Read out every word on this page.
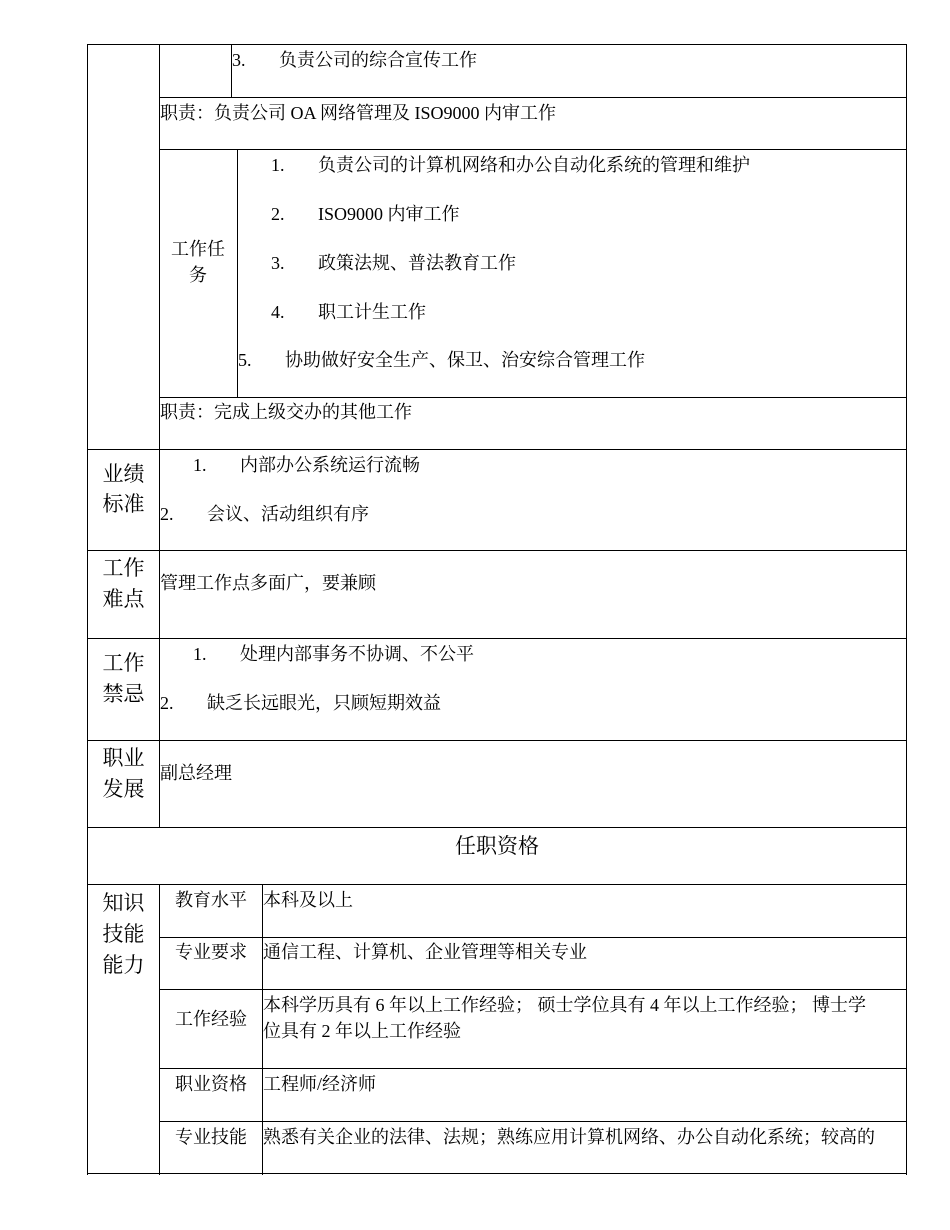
3. 负责公司的综合宣传工作
职责：负责公司 OA 网络管理及 ISO9000 内审工作
工作任
务
1. 负责公司的计算机网络和办公自动化系统的管理和维护
2. ISO9000 内审工作
3. 政策法规、普法教育工作
4. 职工计生工作
5. 协助做好安全生产、保卫、治安综合管理工作
职责：完成上级交办的其他工作
业绩
标准
1. 内部办公系统运行流畅
2. 会议、活动组织有序
工作
难点
管理工作点多面广，要兼顾
工作
禁忌
1. 处理内部事务不协调、不公平
2. 缺乏长远眼光，只顾短期效益
职业
发展
副总经理
任职资格
知识
技能
能力
教育水平 本科及以上
专业要求 通信工程、计算机、企业管理等相关专业
工作经验
本科学历具有 6 年以上工作经验； 硕士学位具有 4 年以上工作经验； 博士学
位具有 2 年以上工作经验
职业资格 工程师/经济师
专业技能 熟悉有关企业的法律、法规；熟练应用计算机网络、办公自动化系统；较高的
